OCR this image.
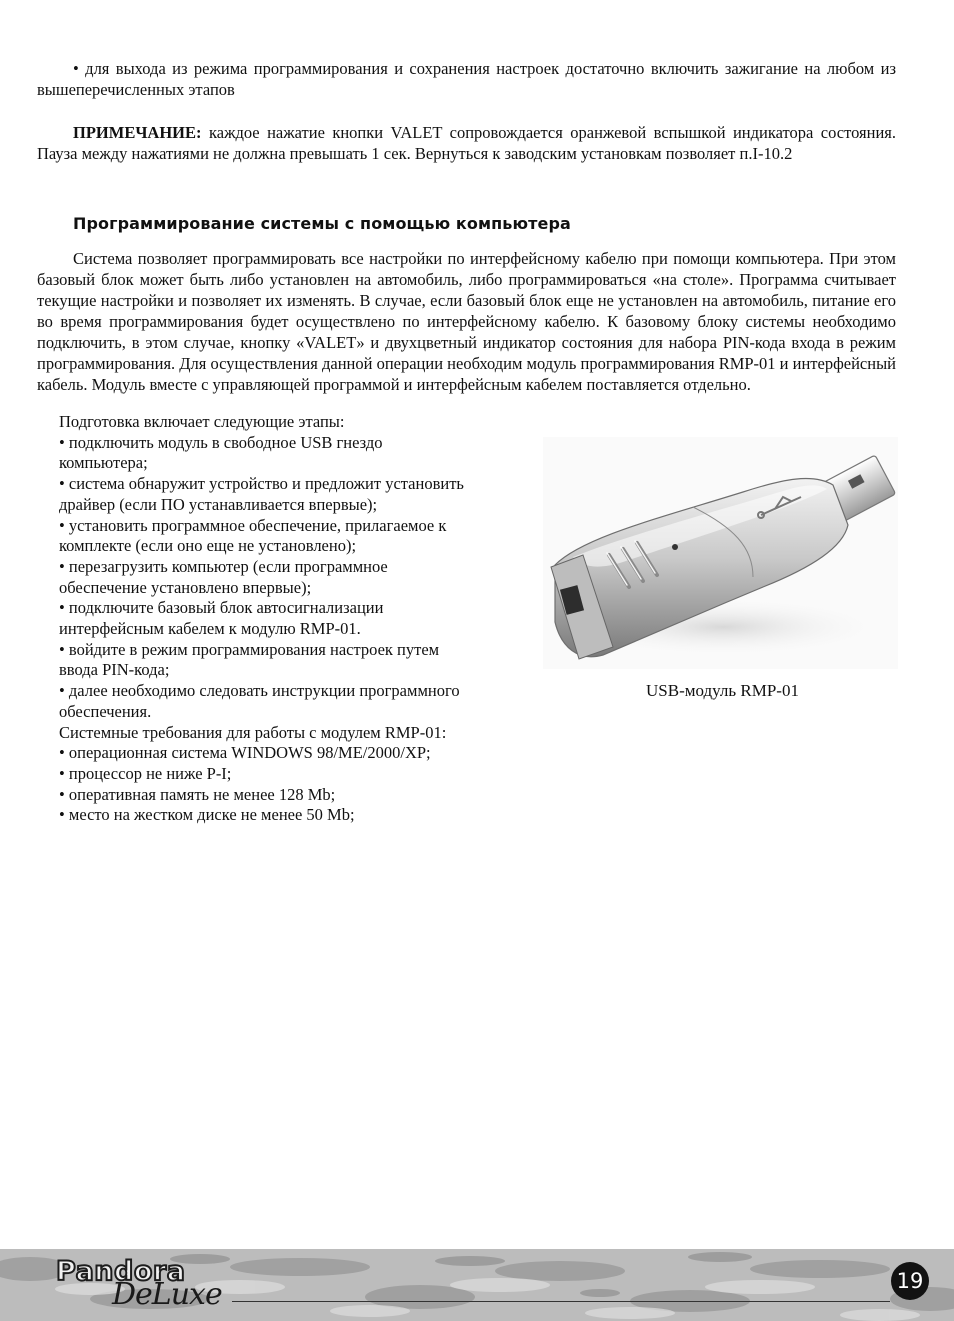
• для выхода из режима программирования и сохранения настроек достаточно включить зажигание на любом из вышеперечисленных этапов

ПРИМЕЧАНИЕ: каждое нажатие кнопки VALET сопровождается оранжевой вспышкой индикатора состояния. Пауза между нажатиями не должна превышать 1 сек. Вернуться к заводским установкам позволяет п.I-10.2

Программирование системы с помощью компьютера

Система позволяет программировать все настройки по интерфейсному кабелю при помощи компьютера. При этом базовый блок может быть либо установлен на автомобиль, либо программироваться «на столе». Программа считывает текущие настройки и позволяет их изменять. В случае, если базовый блок еще не установлен на автомобиль, питание его во время программирования будет осуществлено по интерфейсному кабелю. К базовому блоку системы необходимо подключить, в этом случае, кнопку «VALET» и двухцветный индикатор состояния для набора PIN-кода входа в режим программирования. Для осуществления данной операции необходим модуль программирования RMP-01 и интерфейсный кабель. Модуль вместе с управляющей программой и интерфейсным кабелем поставляется отдельно.

Подготовка включает следующие этапы:
• подключить модуль в свободное USB гнездо
компьютера;
• система обнаружит устройство и предложит установить
драйвер (если ПО устанавливается впервые);
• установить программное обеспечение, прилагаемое к
комплекте (если оно еще не установлено);
• перезагрузить компьютер (если программное
обеспечение установлено впервые);
• подключите базовый блок автосигнализации
интерфейсным кабелем к модулю RMP-01.
• войдите в режим программирования настроек путем
ввода PIN-кода;
• далее необходимо следовать инструкции программного
обеспечения.
Системные требования для работы с модулем RMP-01:
• операционная система WINDOWS 98/ME/2000/XP;
• процессор не ниже P-I;
• оперативная память не менее 128 Mb;
• место на жестком диске не менее 50 Mb;
USB-модуль RMP-01
Pandora
DeLuxe	19
